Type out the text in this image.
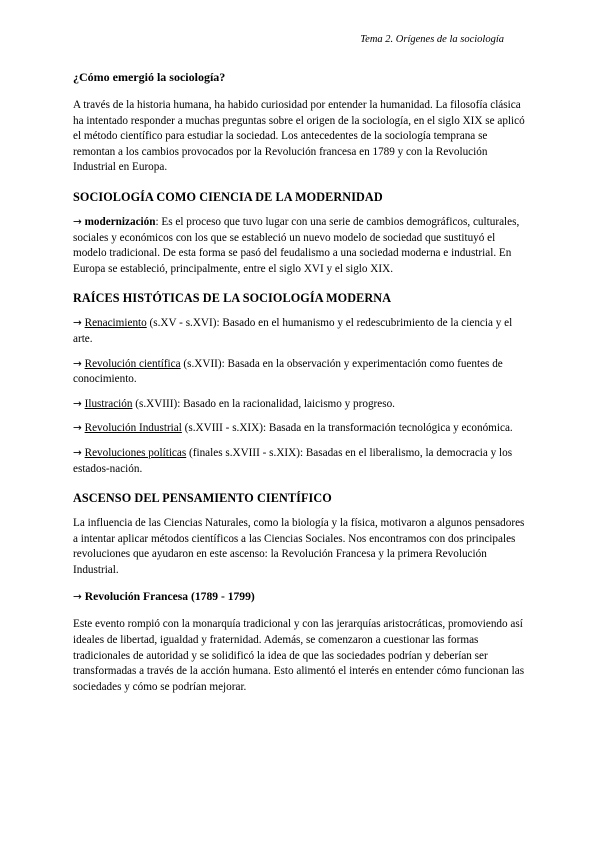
Tema 2. Orígenes de la sociología
¿Cómo emergió la sociología?

A través de la historia humana, ha habido curiosidad por entender la humanidad. La filosofía clásica ha intentado responder a muchas preguntas sobre el origen de la sociología, en el siglo XIX se aplicó el método científico para estudiar la sociedad. Los antecedentes de la sociología temprana se remontan a los cambios provocados por la Revolución francesa en 1789 y con la Revolución Industrial en Europa.

SOCIOLOGÍA COMO CIENCIA DE LA MODERNIDAD

→ modernización: Es el proceso que tuvo lugar con una serie de cambios demográficos, culturales, sociales y económicos con los que se estableció un nuevo modelo de sociedad que sustituyó el modelo tradicional. De esta forma se pasó del feudalismo a una sociedad moderna e industrial. En Europa se estableció, principalmente, entre el siglo XVI y el siglo XIX.

RAÍCES HISTÓTICAS DE LA SOCIOLOGÍA MODERNA
→ Renacimiento (s.XV - s.XVI): Basado en el humanismo y el redescubrimiento de la ciencia y el arte.
→ Revolución científica (s.XVII): Basada en la observación y experimentación como fuentes de conocimiento.
→ Ilustración (s.XVIII): Basado en la racionalidad, laicismo y progreso.
→ Revolución Industrial (s.XVIII - s.XIX): Basada en la transformación tecnológica y económica.
→ Revoluciones políticas (finales s.XVIII - s.XIX): Basadas en el liberalismo, la democracia y los estados-nación.
ASCENSO DEL PENSAMIENTO CIENTÍFICO

La influencia de las Ciencias Naturales, como la biología y la física, motivaron a algunos pensadores a intentar aplicar métodos científicos a las Ciencias Sociales. Nos encontramos con dos principales revoluciones que ayudaron en este ascenso: la Revolución Francesa y la primera Revolución Industrial.

→ Revolución Francesa (1789 - 1799)

Este evento rompió con la monarquía tradicional y con las jerarquías aristocráticas, promoviendo así ideales de libertad, igualdad y fraternidad. Además, se comenzaron a cuestionar las formas tradicionales de autoridad y se solidificó la idea de que las sociedades podrían y deberían ser transformadas a través de la acción humana. Esto alimentó el interés en entender cómo funcionan las sociedades y cómo se podrían mejorar.
